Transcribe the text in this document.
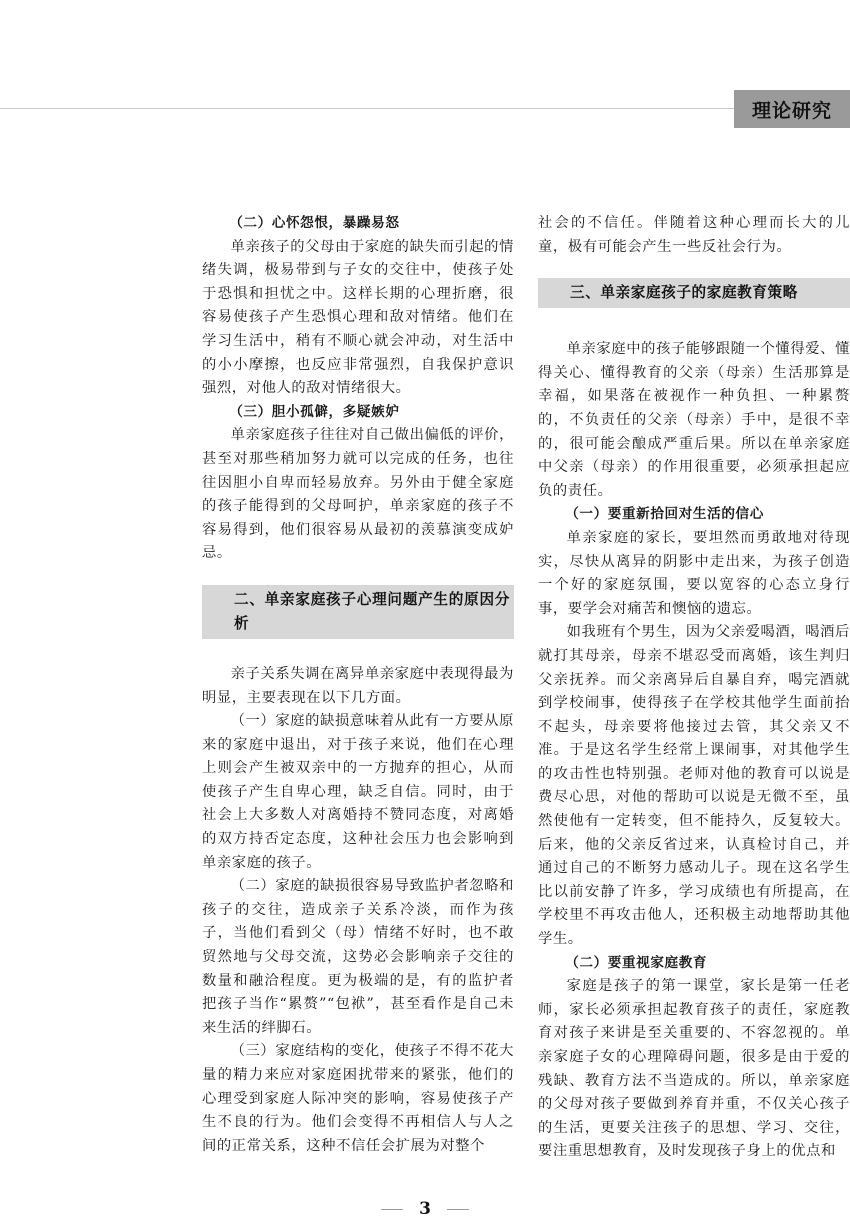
理论研究

（二）心怀怨恨，暴躁易怒

单亲孩子的父母由于家庭的缺失而引起的情绪失调，极易带到与子女的交往中，使孩子处于恐惧和担忧之中。这样长期的心理折磨，很容易使孩子产生恐惧心理和敌对情绪。他们在学习生活中，稍有不顺心就会冲动，对生活中的小小摩擦，也反应非常强烈，自我保护意识强烈，对他人的敌对情绪很大。

（三）胆小孤僻，多疑嫉妒

单亲家庭孩子往往对自己做出偏低的评价，甚至对那些稍加努力就可以完成的任务，也往往因胆小自卑而轻易放弃。另外由于健全家庭的孩子能得到的父母呵护，单亲家庭的孩子不容易得到，他们很容易从最初的羡慕演变成妒忌。

二、单亲家庭孩子心理问题产生的原因分析

亲子关系失调在离异单亲家庭中表现得最为明显，主要表现在以下几方面。

（一）家庭的缺损意味着从此有一方要从原来的家庭中退出，对于孩子来说，他们在心理上则会产生被双亲中的一方抛弃的担心，从而使孩子产生自卑心理，缺乏自信。同时，由于社会上大多数人对离婚持不赞同态度，对离婚的双方持否定态度，这种社会压力也会影响到单亲家庭的孩子。

（二）家庭的缺损很容易导致监护者忽略和孩子的交往，造成亲子关系冷淡，而作为孩子，当他们看到父（母）情绪不好时，也不敢贸然地与父母交流，这势必会影响亲子交往的数量和融洽程度。更为极端的是，有的监护者把孩子当作“累赘”“包袱”，甚至看作是自己未来生活的绊脚石。

（三）家庭结构的变化，使孩子不得不花大量的精力来应对家庭困扰带来的紧张，他们的心理受到家庭人际冲突的影响，容易使孩子产生不良的行为。他们会变得不再相信人与人之间的正常关系，这种不信任会扩展为对整个

社会的不信任。伴随着这种心理而长大的儿童，极有可能会产生一些反社会行为。

三、单亲家庭孩子的家庭教育策略

单亲家庭中的孩子能够跟随一个懂得爱、懂得关心、懂得教育的父亲（母亲）生活那算是幸福，如果落在被视作一种负担、一种累赘的，不负责任的父亲（母亲）手中，是很不幸的，很可能会酿成严重后果。所以在单亲家庭中父亲（母亲）的作用很重要，必须承担起应负的责任。

（一）要重新拾回对生活的信心

单亲家庭的家长，要坦然而勇敢地对待现实，尽快从离异的阴影中走出来，为孩子创造一个好的家庭氛围，要以宽容的心态立身行事，要学会对痛苦和懊恼的遗忘。

如我班有个男生，因为父亲爱喝酒，喝酒后就打其母亲，母亲不堪忍受而离婚，该生判归父亲抚养。而父亲离异后自暴自弃，喝完酒就到学校闹事，使得孩子在学校其他学生面前抬不起头，母亲要将他接过去管，其父亲又不准。于是这名学生经常上课闹事，对其他学生的攻击性也特别强。老师对他的教育可以说是费尽心思，对他的帮助可以说是无微不至，虽然使他有一定转变，但不能持久，反复较大。后来，他的父亲反省过来，认真检讨自己，并通过自己的不断努力感动儿子。现在这名学生比以前安静了许多，学习成绩也有所提高，在学校里不再攻击他人，还积极主动地帮助其他学生。

（二）要重视家庭教育

家庭是孩子的第一课堂，家长是第一任老师，家长必须承担起教育孩子的责任，家庭教育对孩子来讲是至关重要的、不容忽视的。单亲家庭子女的心理障碍问题，很多是由于爱的残缺、教育方法不当造成的。所以，单亲家庭的父母对孩子要做到养育并重，不仅关心孩子的生活，更要关注孩子的思想、学习、交往，要注重思想教育，及时发现孩子身上的优点和

3
